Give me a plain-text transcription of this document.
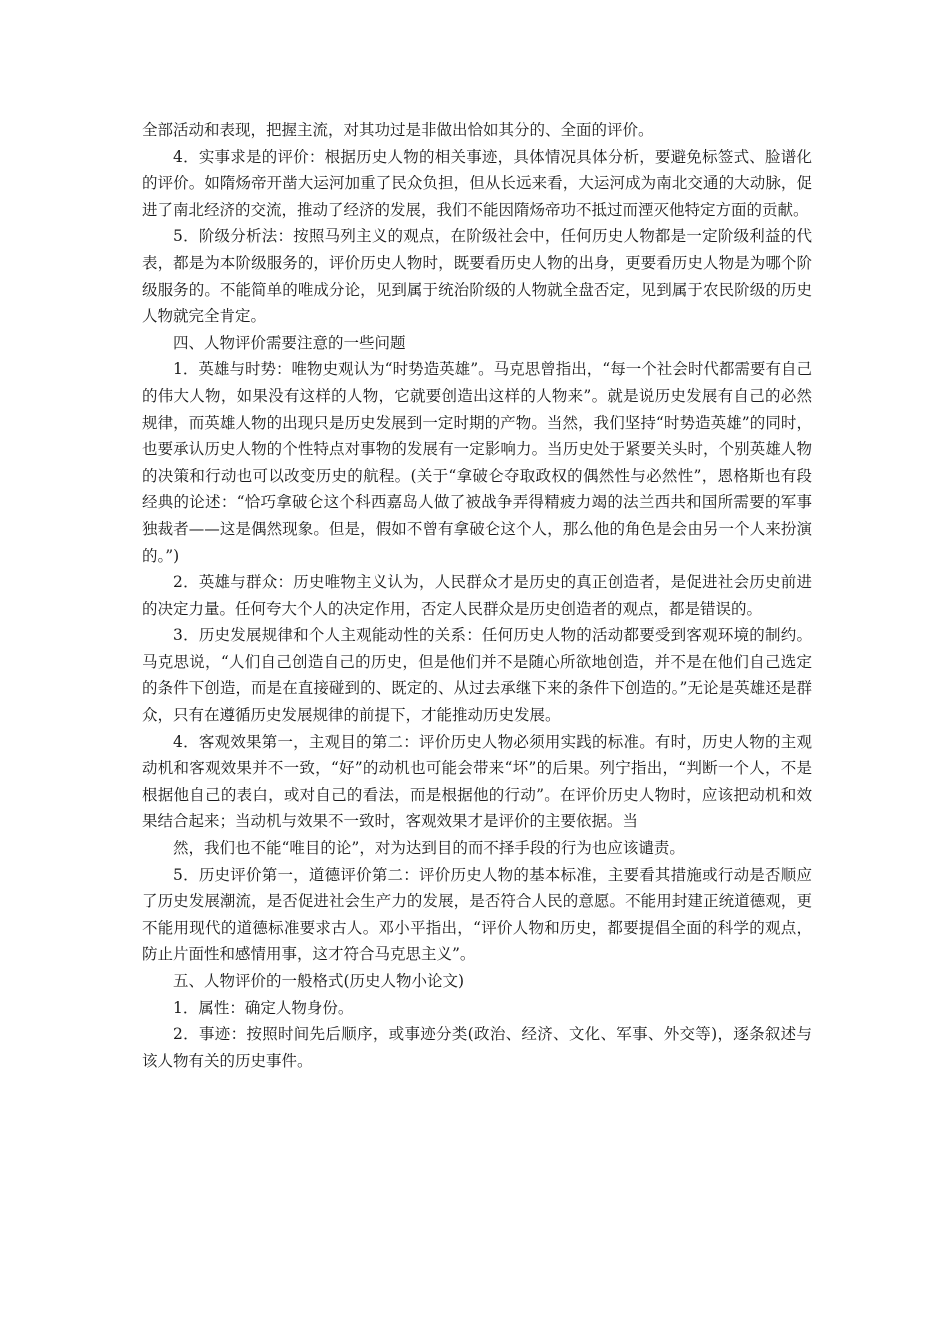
全部活动和表现，把握主流，对其功过是非做出恰如其分的、全面的评价。

4．实事求是的评价：根据历史人物的相关事迹，具体情况具体分析，要避免标签式、脸谱化的评价。如隋炀帝开凿大运河加重了民众负担，但从长远来看，大运河成为南北交通的大动脉，促进了南北经济的交流，推动了经济的发展，我们不能因隋炀帝功不抵过而湮灭他特定方面的贡献。

5．阶级分析法：按照马列主义的观点，在阶级社会中，任何历史人物都是一定阶级利益的代表，都是为本阶级服务的，评价历史人物时，既要看历史人物的出身，更要看历史人物是为哪个阶级服务的。不能简单的唯成分论，见到属于统治阶级的人物就全盘否定，见到属于农民阶级的历史人物就完全肯定。

四、人物评价需要注意的一些问题

1．英雄与时势：唯物史观认为“时势造英雄”。马克思曾指出，“每一个社会时代都需要有自己的伟大人物，如果没有这样的人物，它就要创造出这样的人物来”。就是说历史发展有自己的必然规律，而英雄人物的出现只是历史发展到一定时期的产物。当然，我们坚持“时势造英雄”的同时，也要承认历史人物的个性特点对事物的发展有一定影响力。当历史处于紧要关头时，个别英雄人物的决策和行动也可以改变历史的航程。(关于“拿破仑夺取政权的偶然性与必然性”，恩格斯也有段经典的论述：“恰巧拿破仑这个科西嘉岛人做了被战争弄得精疲力竭的法兰西共和国所需要的军事独裁者——这是偶然现象。但是，假如不曾有拿破仑这个人，那么他的角色是会由另一个人来扮演的。”)

2．英雄与群众：历史唯物主义认为，人民群众才是历史的真正创造者，是促进社会历史前进的决定力量。任何夸大个人的决定作用，否定人民群众是历史创造者的观点，都是错误的。

3．历史发展规律和个人主观能动性的关系：任何历史人物的活动都要受到客观环境的制约。马克思说，“人们自己创造自己的历史，但是他们并不是随心所欲地创造，并不是在他们自己选定的条件下创造，而是在直接碰到的、既定的、从过去承继下来的条件下创造的。”无论是英雄还是群众，只有在遵循历史发展规律的前提下，才能推动历史发展。

4．客观效果第一，主观目的第二：评价历史人物必须用实践的标准。有时，历史人物的主观动机和客观效果并不一致，“好”的动机也可能会带来“坏”的后果。列宁指出，“判断一个人，不是根据他自己的表白，或对自己的看法，而是根据他的行动”。在评价历史人物时，应该把动机和效果结合起来；当动机与效果不一致时，客观效果才是评价的主要依据。当

然，我们也不能“唯目的论”，对为达到目的而不择手段的行为也应该谴责。

5．历史评价第一，道德评价第二：评价历史人物的基本标准，主要看其措施或行动是否顺应了历史发展潮流，是否促进社会生产力的发展，是否符合人民的意愿。不能用封建正统道德观，更不能用现代的道德标准要求古人。邓小平指出，“评价人物和历史，都要提倡全面的科学的观点，防止片面性和感情用事，这才符合马克思主义”。

五、人物评价的一般格式(历史人物小论文)

1．属性：确定人物身份。

2．事迹：按照时间先后顺序，或事迹分类(政治、经济、文化、军事、外交等)，逐条叙述与该人物有关的历史事件。
